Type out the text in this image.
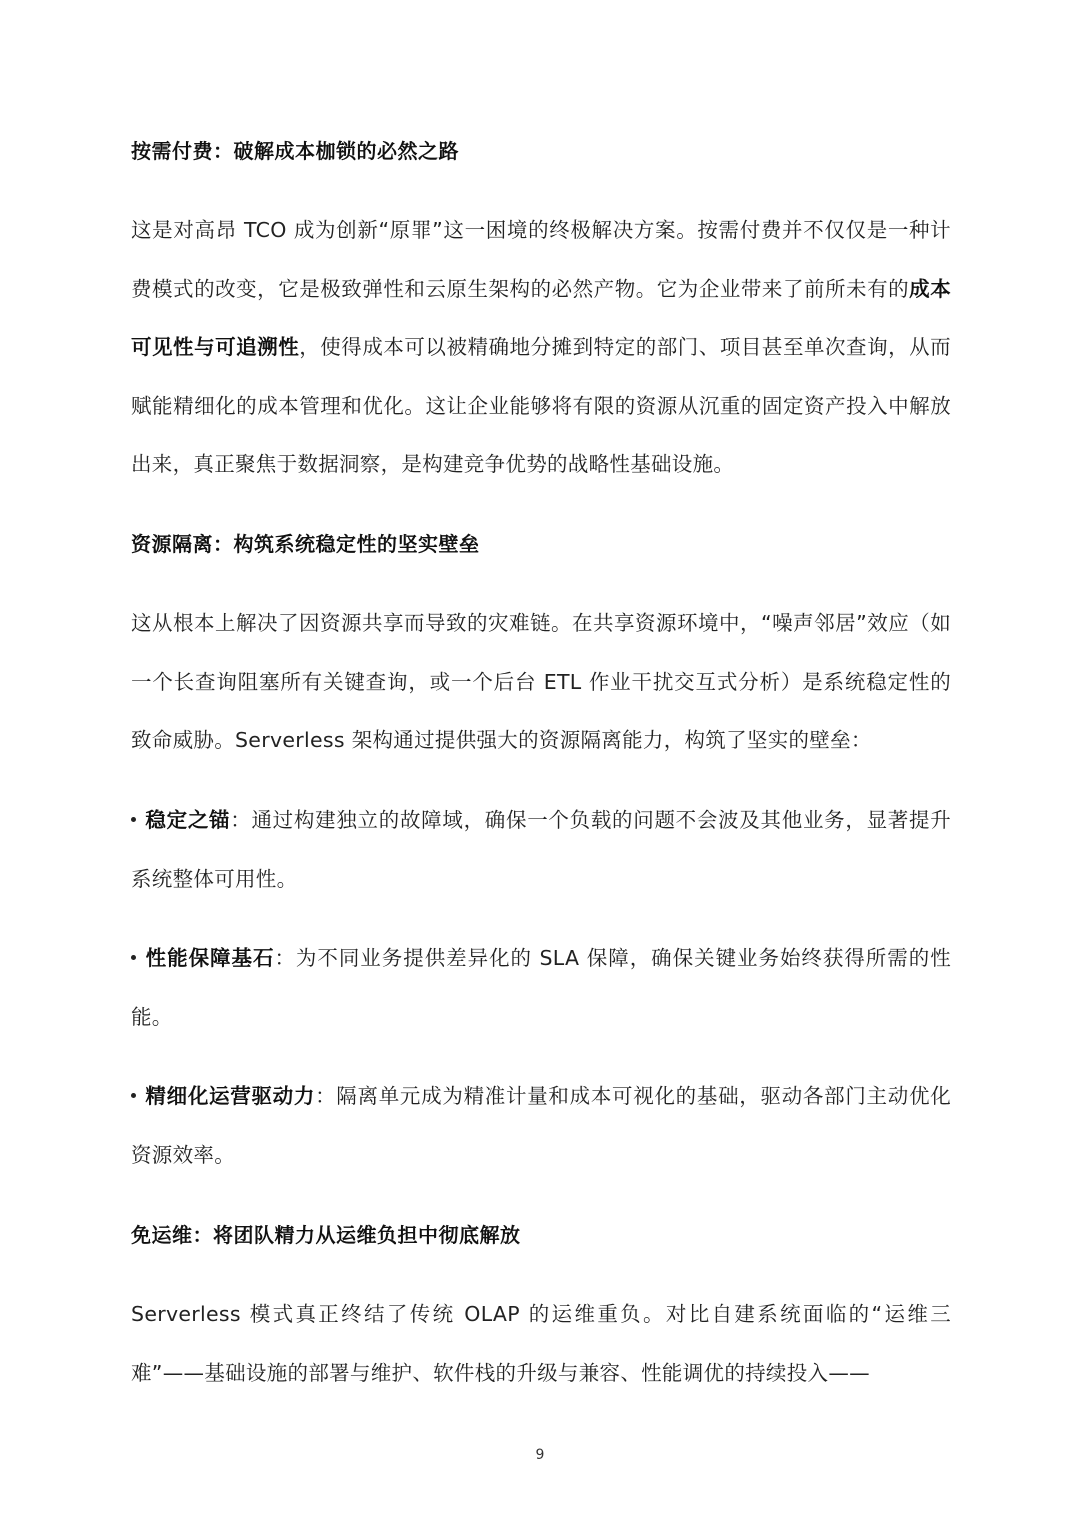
按需付费：破解成本枷锁的必然之路

这是对高昂 TCO 成为创新“原罪”这一困境的终极解决方案。按需付费并不仅仅是一种计费模式的改变，它是极致弹性和云原生架构的必然产物。它为企业带来了前所未有的成本可见性与可追溯性，使得成本可以被精确地分摊到特定的部门、项目甚至单次查询，从而赋能精细化的成本管理和优化。这让企业能够将有限的资源从沉重的固定资产投入中解放出来，真正聚焦于数据洞察，是构建竞争优势的战略性基础设施。

资源隔离：构筑系统稳定性的坚实壁垒

这从根本上解决了因资源共享而导致的灾难链。在共享资源环境中，“噪声邻居”效应（如一个长查询阻塞所有关键查询，或一个后台 ETL 作业干扰交互式分析）是系统稳定性的致命威胁。Serverless 架构通过提供强大的资源隔离能力，构筑了坚实的壁垒：

稳定之锚：通过构建独立的故障域，确保一个负载的问题不会波及其他业务，显著提升系统整体可用性。

性能保障基石：为不同业务提供差异化的 SLA 保障，确保关键业务始终获得所需的性能。

精细化运营驱动力：隔离单元成为精准计量和成本可视化的基础，驱动各部门主动优化资源效率。

免运维：将团队精力从运维负担中彻底解放

Serverless 模式真正终结了传统 OLAP 的运维重负。对比自建系统面临的“运维三难”——基础设施的部署与维护、软件栈的升级与兼容、性能调优的持续投入——

9
